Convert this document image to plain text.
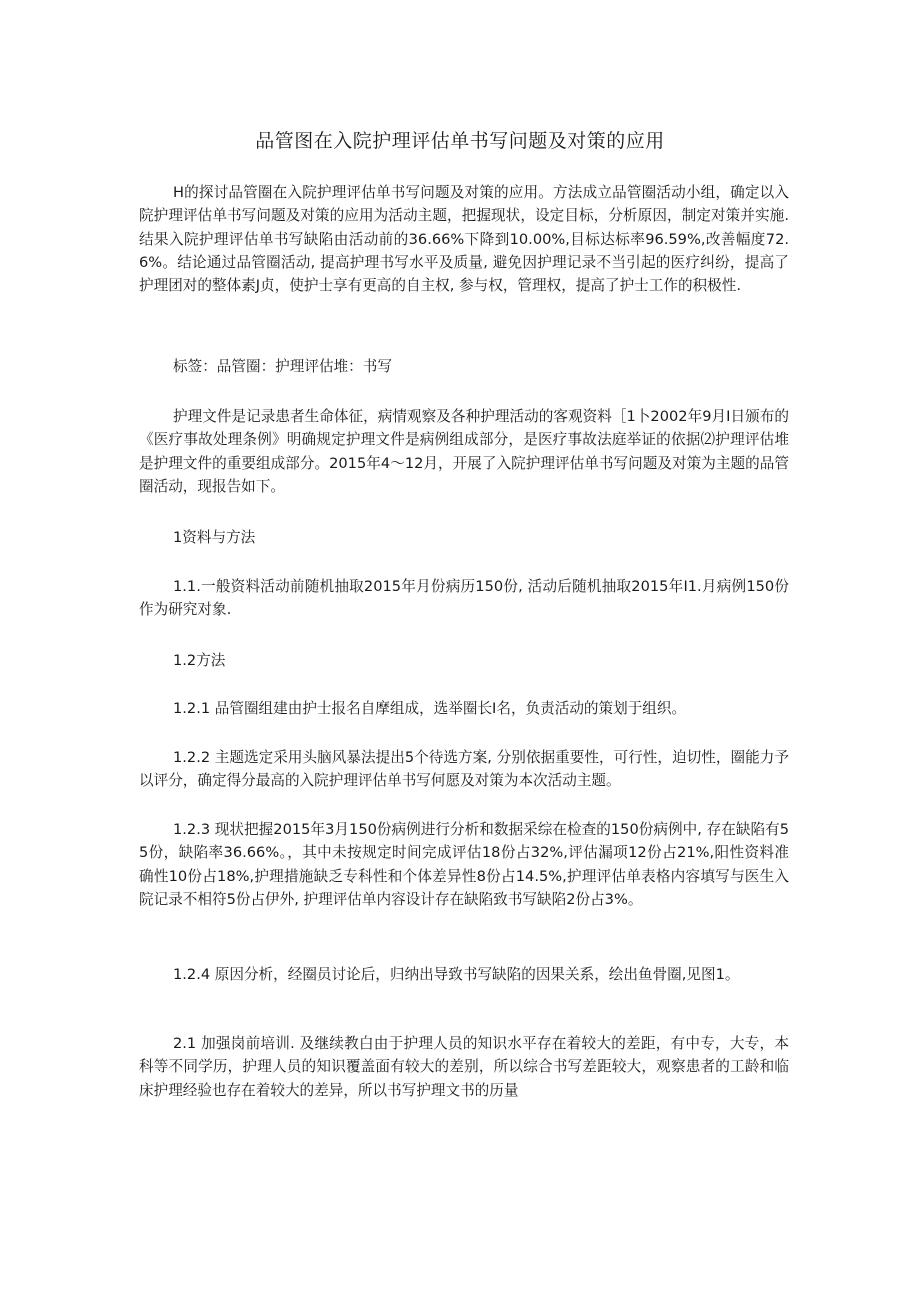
品管图在入院护理评估单书写问题及对策的应用

H的探讨品管圈在入院护理评估单书写问题及对策的应用。方法成立品管圈活动小组，确定以入院护理评估单书写问题及对策的应用为活动主题，把握现状，设定目标，分析原因，制定对策并实施. 结果入院护理评估单书写缺陷由活动前的36.66%下降到10.00%,目标达标率96.59%,改善幅度72.6%。结论通过品管圈活动, 提高护理书写水平及质量, 避免因护理记录不当引起的医疗纠纷，提高了护理团对的整体素J贞，使护士享有更高的自主权, 参与权，管理权，提高了护士工作的积极性.

标签：品管圈：护理评估堆：书写

护理文件是记录患者生命体征，病情观察及各种护理活动的客观资料［1卜2002年9月I日颁布的《医疗事故处理条例》明确规定护理文件是病例组成部分，是医疗事故法庭举证的依据⑵护理评估堆是护理文件的重要组成部分。2015年4～12月，开展了入院护理评估单书写问题及对策为主题的品管圈活动，现报告如下。

1资料与方法

1.1.一般资料活动前随机抽取2015年月份病历150份, 活动后随机抽取2015年I1.月病例150份作为研究对象.

1.2方法

1.2.1 品管圈组建由护士报名自摩组成，选举圈长I名，负责活动的策划于组织。

1.2.2 主题选定采用头脑风暴法提出5个待选方案, 分别依据重要性，可行性，迫切性，圈能力予以评分，确定得分最高的入院护理评估单书写何愿及对策为本次活动主题。

1.2.3 现状把握2015年3月150份病例进行分析和数据采综在检查的150份病例中, 存在缺陷有55份，缺陷率36.66%。，其中未按规定时间完成评估18份占32%,评估漏项12份占21%,阳性资料准确性10份占18%,护理措施缺乏专科性和个体差异性8份占14.5%,护理评估单表格内容填写与医生入院记录不相符5份占伊外, 护理评估单内容设计存在缺陷致书写缺陷2份占3%。

1.2.4 原因分析，经圈员讨论后，归纳出导致书写缺陷的因果关系，绘出鱼骨圈,见图1。

2.1 加强岗前培训. 及继续教白由于护理人员的知识水平存在着较大的差距，有中专，大专，本科等不同学历，护理人员的知识覆盖面有较大的差别，所以综合书写差距较大，观察患者的工龄和临床护理经验也存在着较大的差异，所以书写护理文书的历量
